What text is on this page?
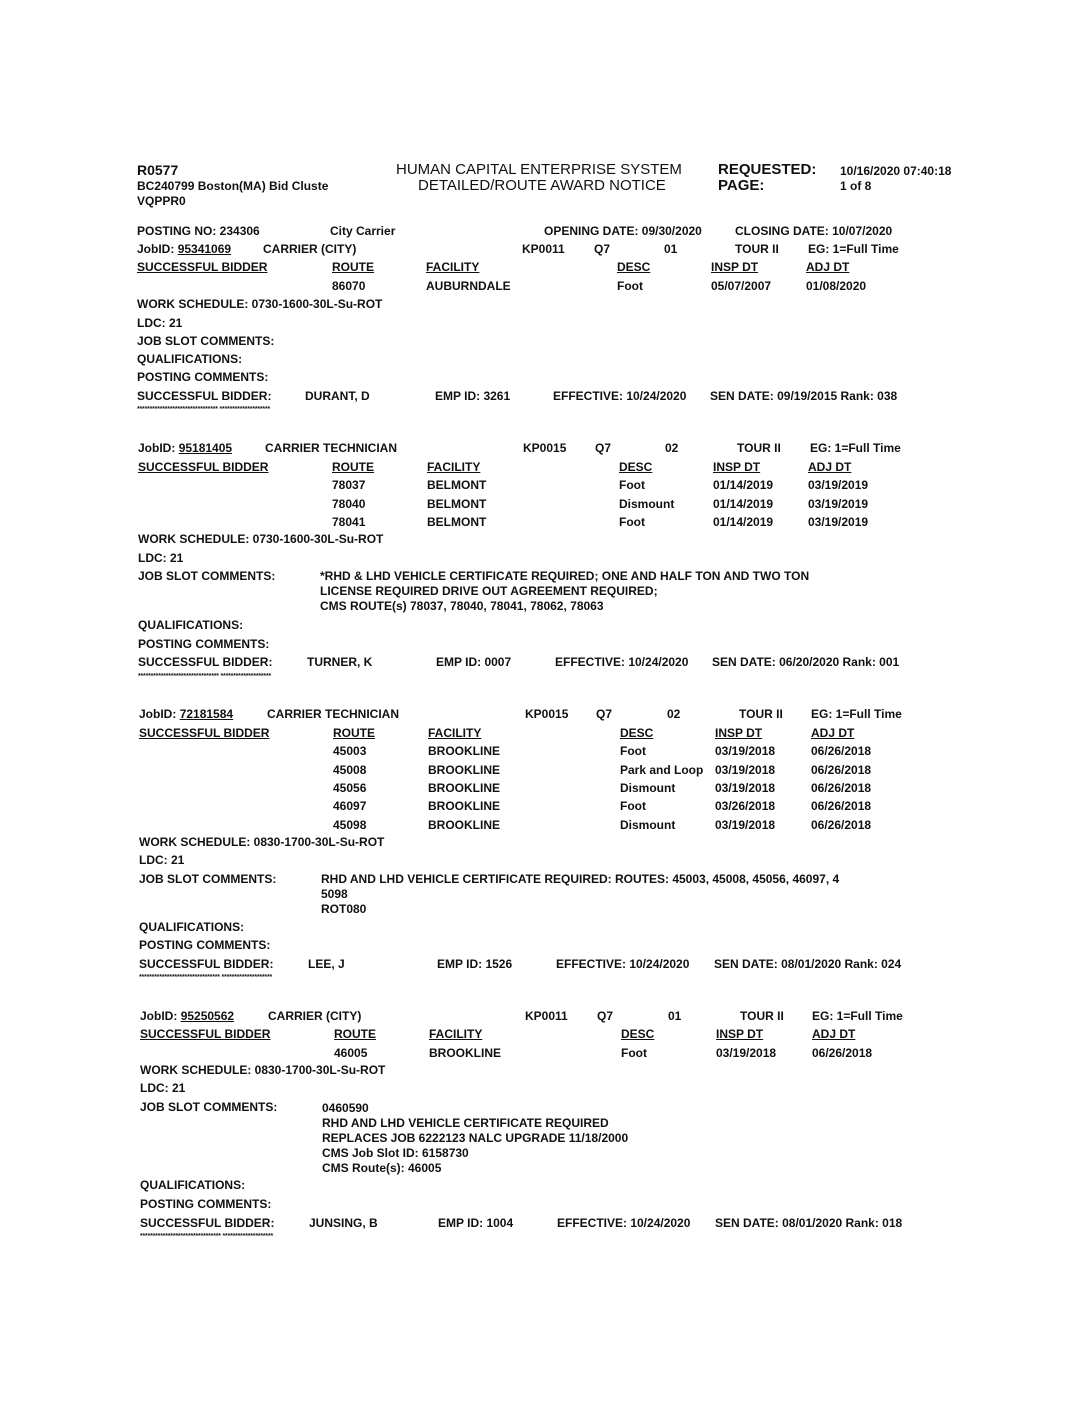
R0577
BC240799 Boston(MA) Bid Cluste
VQPPR0
HUMAN CAPITAL ENTERPRISE SYSTEM
DETAILED/ROUTE AWARD NOTICE
REQUESTED:
PAGE:
10/16/2020 07:40:18
1 of 8
POSTING NO: 234306	City Carrier	OPENING DATE: 09/30/2020	CLOSING DATE: 10/07/2020
JobID: 95341069	CARRIER (CITY)	KP0011 Q7	01	TOUR II EG: 1=Full Time
SUCCESSFUL BIDDER	ROUTE	FACILITY	DESC	INSP DT	ADJ DT
86070	AUBURNDALE	Foot	05/07/2007	01/08/2020
WORK SCHEDULE: 0730-1600-30L-Su-ROT
LDC: 21
JOB SLOT COMMENTS:
QUALIFICATIONS:
POSTING COMMENTS:
SUCCESSFUL BIDDER:	DURANT, D	EMP ID: 3261	EFFECTIVE: 10/24/2020 SEN DATE: 09/19/2015 Rank: 038
******************************** ********************
JobID: 95181405	CARRIER TECHNICIAN	KP0015 Q7	02	TOUR II EG: 1=Full Time
SUCCESSFUL BIDDER	ROUTE	FACILITY	DESC	INSP DT	ADJ DT
78037	BELMONT	Foot	01/14/2019	03/19/2019
78040	BELMONT	Dismount	01/14/2019	03/19/2019
78041	BELMONT	Foot	01/14/2019	03/19/2019
WORK SCHEDULE: 0730-1600-30L-Su-ROT
LDC: 21
JOB SLOT COMMENTS:	*RHD & LHD VEHICLE CERTIFICATE REQUIRED; ONE AND HALF TON AND TWO TON
LICENSE REQUIRED DRIVE OUT AGREEMENT REQUIRED;
CMS ROUTE(s) 78037, 78040, 78041, 78062, 78063
QUALIFICATIONS:
POSTING COMMENTS:
SUCCESSFUL BIDDER:	TURNER, K	EMP ID: 0007	EFFECTIVE: 10/24/2020 SEN DATE: 06/20/2020 Rank: 001
******************************** ********************
JobID: 72181584	CARRIER TECHNICIAN	KP0015 Q7	02	TOUR II EG: 1=Full Time
SUCCESSFUL BIDDER	ROUTE	FACILITY	DESC	INSP DT	ADJ DT
45003	BROOKLINE	Foot	03/19/2018	06/26/2018
45008	BROOKLINE	Park and Loop 03/19/2018	06/26/2018
45056	BROOKLINE	Dismount	03/19/2018	06/26/2018
46097	BROOKLINE	Foot	03/26/2018	06/26/2018
45098	BROOKLINE	Dismount	03/19/2018	06/26/2018
WORK SCHEDULE: 0830-1700-30L-Su-ROT
LDC: 21
JOB SLOT COMMENTS:	RHD AND LHD VEHICLE CERTIFICATE REQUIRED: ROUTES: 45003, 45008, 45056, 46097, 4
5098
ROT080
QUALIFICATIONS:
POSTING COMMENTS:
SUCCESSFUL BIDDER:	LEE, J	EMP ID: 1526	EFFECTIVE: 10/24/2020 SEN DATE: 08/01/2020 Rank: 024
******************************** ********************
JobID: 95250562	CARRIER (CITY)	KP0011 Q7	01	TOUR II EG: 1=Full Time
SUCCESSFUL BIDDER	ROUTE	FACILITY	DESC	INSP DT	ADJ DT
46005	BROOKLINE	Foot	03/19/2018	06/26/2018
WORK SCHEDULE: 0830-1700-30L-Su-ROT
LDC: 21
JOB SLOT COMMENTS:	0460590
RHD AND LHD VEHICLE CERTIFICATE REQUIRED
REPLACES JOB 6222123 NALC UPGRADE 11/18/2000
CMS Job Slot ID: 6158730
CMS Route(s): 46005
QUALIFICATIONS:
POSTING COMMENTS:
SUCCESSFUL BIDDER:	JUNSING, B	EMP ID: 1004	EFFECTIVE: 10/24/2020 SEN DATE: 08/01/2020 Rank: 018
******************************** ********************
